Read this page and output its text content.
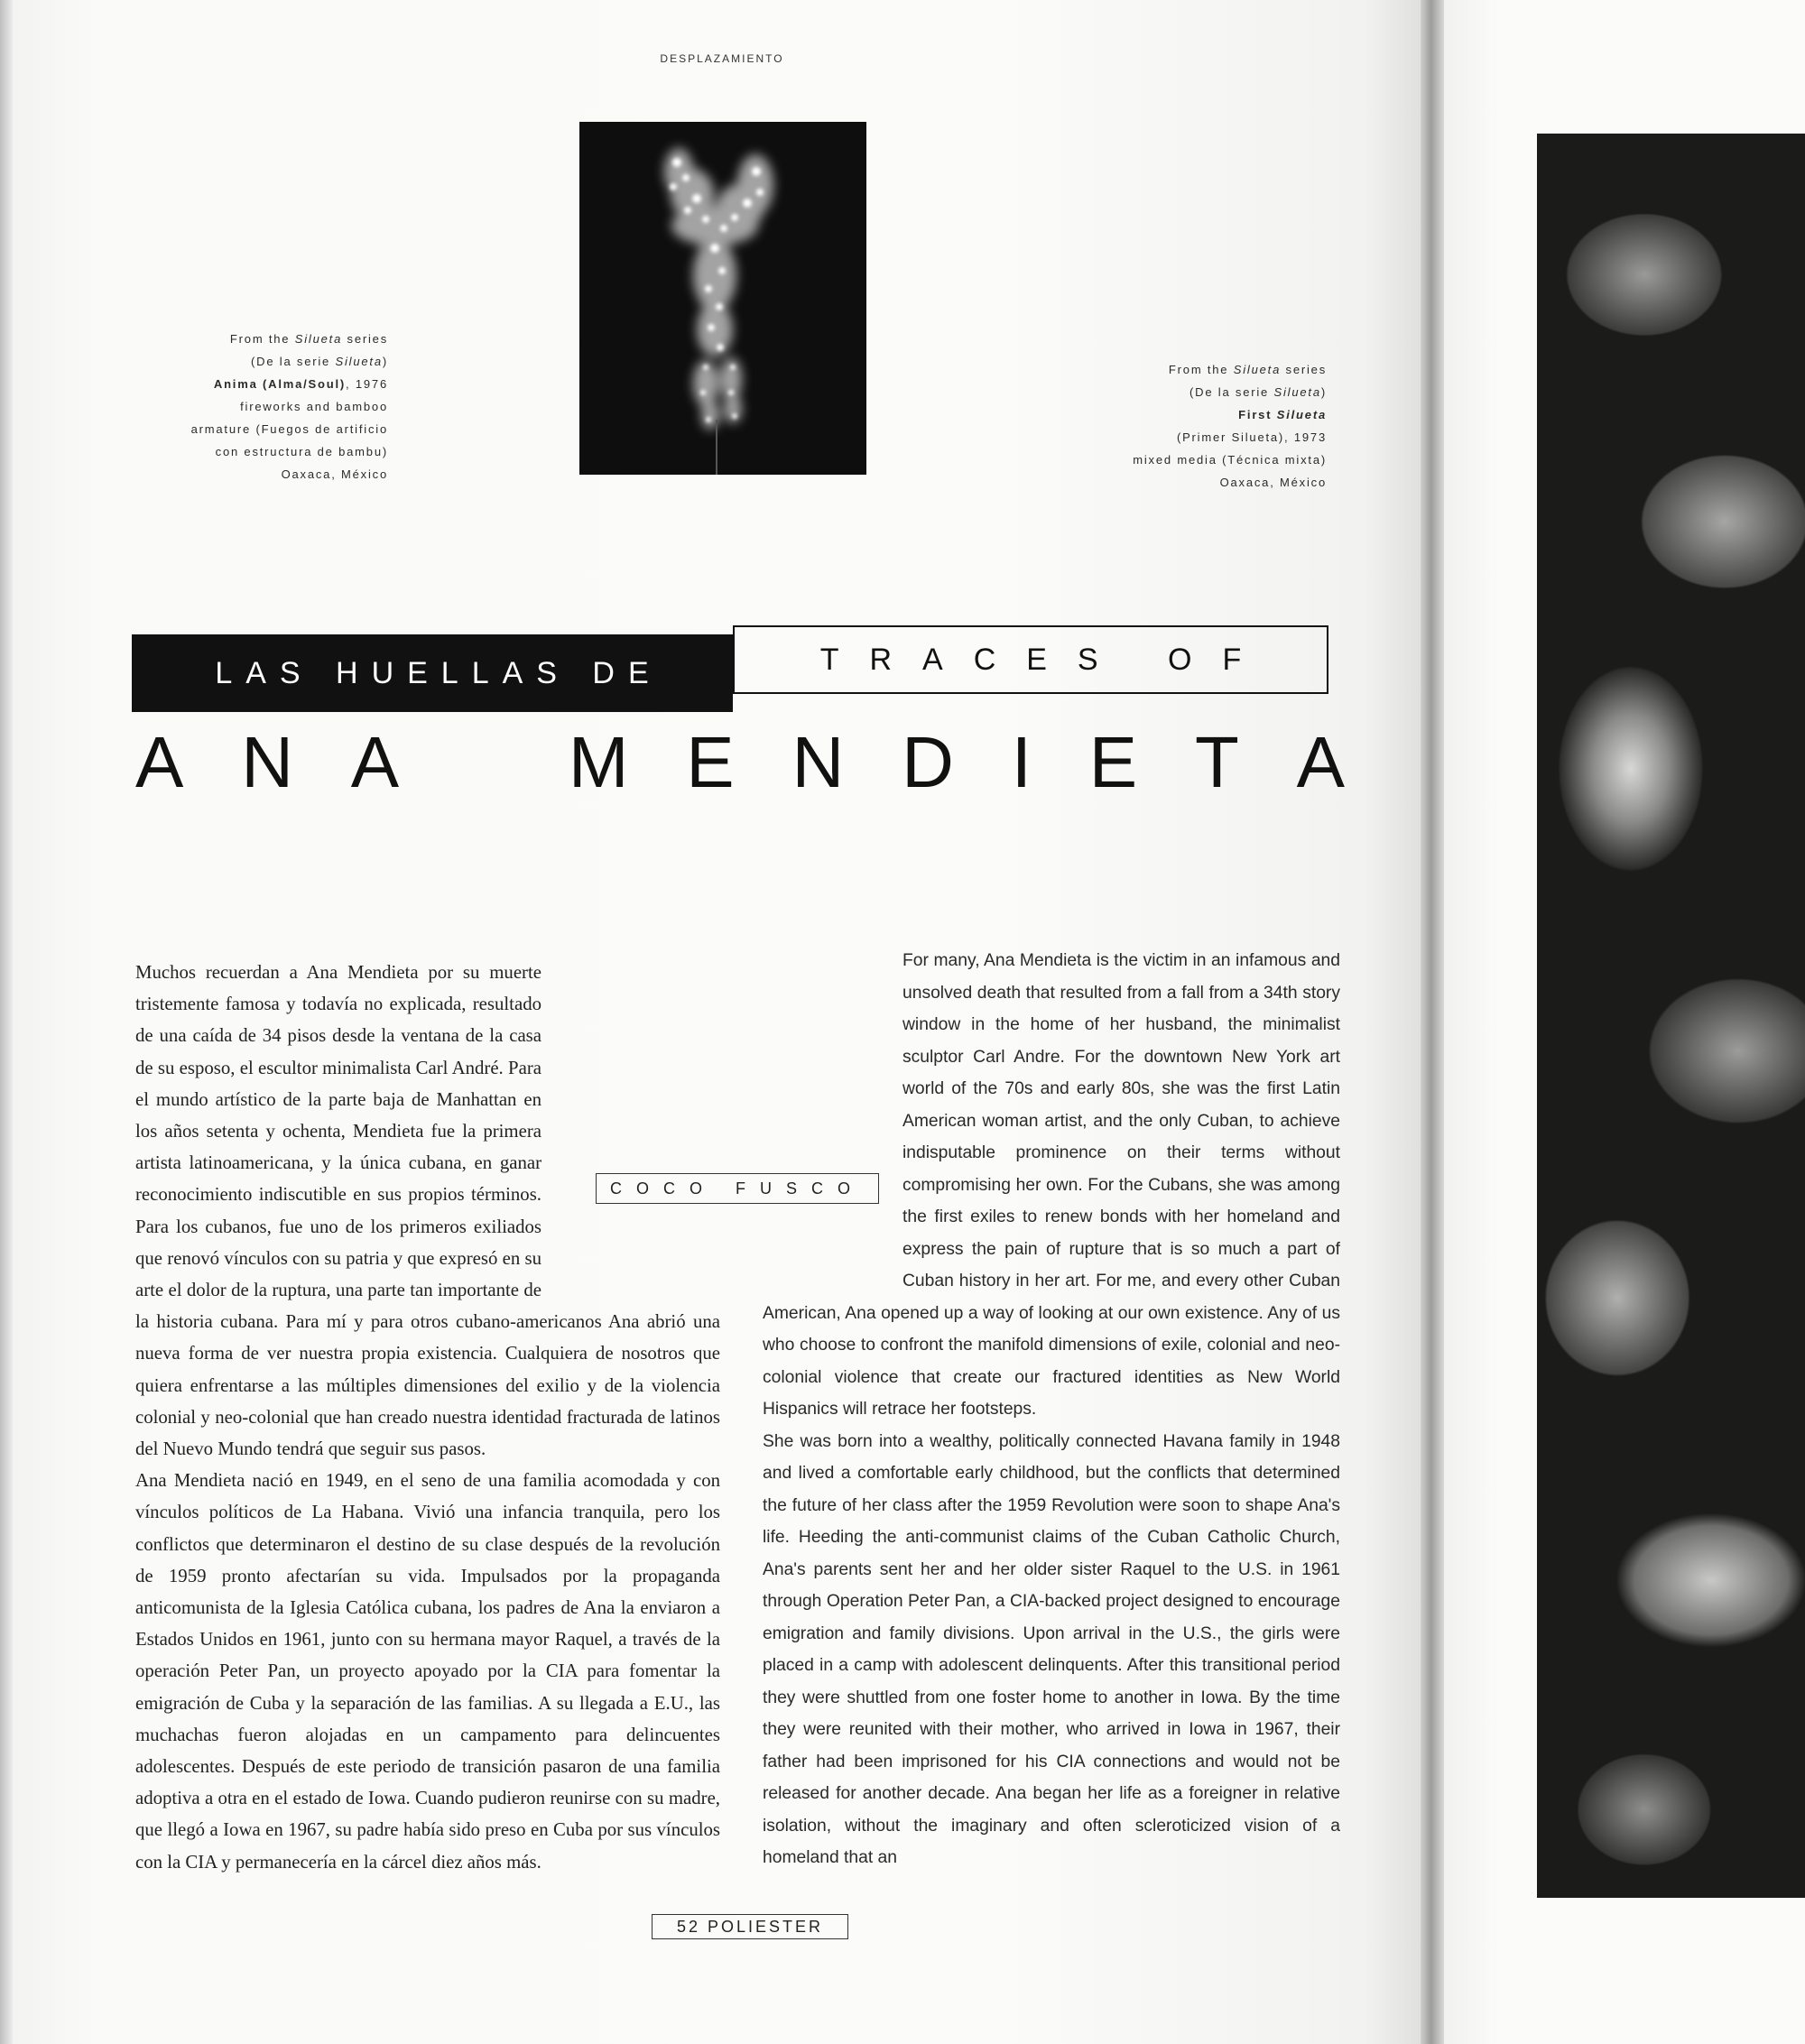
DESPLAZAMIENTO
From the Silueta series
(De la serie Silueta)
Anima (Alma/Soul), 1976
fireworks and bamboo
armature (Fuegos de artificio
con estructura de bambu)
Oaxaca, México
From the Silueta series
(De la serie Silueta)
First Silueta
(Primer Silueta), 1973
mixed media (Técnica mixta)
Oaxaca, México
LAS HUELLAS DE	TRACES OF
A N A M E N D I E T A

Muchos recuerdan a Ana Mendieta por su muerte tristemente famosa y todavía no explicada, resultado de una caída de 34 pisos desde la ventana de la casa de su esposo, el escultor minimalista Carl André. Para el mundo artístico de la parte baja de Manhattan en los años setenta y ochenta, Mendieta fue la primera artista latinoamericana, y la única cubana, en ganar reconocimiento indiscutible en sus propios términos. Para los cubanos, fue uno de los primeros exiliados que renovó vínculos con su patria y que expresó en su arte el dolor de la ruptura, una parte tan importante de la historia cubana. Para mí y para otros cubano-americanos Ana abrió una nueva forma de ver nuestra propia existencia. Cualquiera de nosotros que quiera enfrentarse a las múltiples dimensiones del exilio y de la violencia colonial y neo-colonial que han creado nuestra identidad fracturada de latinos del Nuevo Mundo tendrá que seguir sus pasos.

Ana Mendieta nació en 1949, en el seno de una familia acomodada y con vínculos políticos de La Habana. Vivió una infancia tranquila, pero los conflictos que determinaron el destino de su clase después de la revolución de 1959 pronto afectarían su vida. Impulsados por la propaganda anticomunista de la Iglesia Católica cubana, los padres de Ana la enviaron a Estados Unidos en 1961, junto con su hermana mayor Raquel, a través de la operación Peter Pan, un proyecto apoyado por la CIA para fomentar la emigración de Cuba y la separación de las familias. A su llegada a E.U., las muchachas fueron alojadas en un campamento para delincuentes adolescentes. Después de este periodo de transición pasaron de una familia adoptiva a otra en el estado de Iowa. Cuando pudieron reunirse con su madre, que llegó a Iowa en 1967, su padre había sido preso en Cuba por sus vínculos con la CIA y permanecería en la cárcel diez años más.

For many, Ana Mendieta is the victim in an infamous and unsolved death that resulted from a fall from a 34th story window in the home of her husband, the minimalist sculptor Carl Andre. For the downtown New York art world of the 70s and early 80s, she was the first Latin American woman artist, and the only Cuban, to achieve indisputable prominence on their terms without compromising her own. For the Cubans, she was among the first exiles to renew bonds with her homeland and express the pain of rupture that is so much a part of Cuban history in her art. For me, and every other Cuban American, Ana opened up a way of looking at our own existence. Any of us who choose to confront the manifold dimensions of exile, colonial and neo-colonial violence that create our fractured identities as New World Hispanics will retrace her footsteps.

She was born into a wealthy, politically connected Havana family in 1948 and lived a comfortable early childhood, but the conflicts that determined the future of her class after the 1959 Revolution were soon to shape Ana's life. Heeding the anti-communist claims of the Cuban Catholic Church, Ana's parents sent her and her older sister Raquel to the U.S. in 1961 through Operation Peter Pan, a CIA-backed project designed to encourage emigration and family divisions. Upon arrival in the U.S., the girls were placed in a camp with adolescent delinquents. After this transitional period they were shuttled from one foster home to another in Iowa. By the time they were reunited with their mother, who arrived in Iowa in 1967, their father had been imprisoned for his CIA connections and would not be released for another decade. Ana began her life as a foreigner in relative isolation, without the imaginary and often scleroticized vision of a homeland that an

COCO FUSCO
52 POLIESTER
